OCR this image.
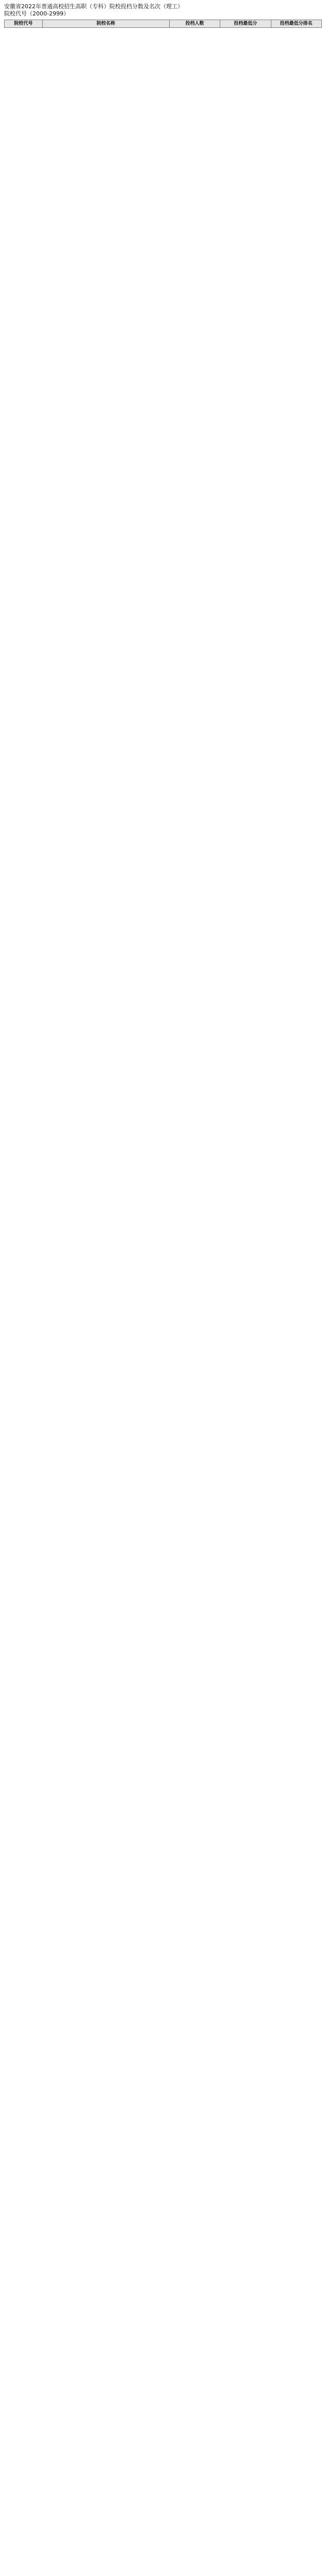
安徽省2022年普通高校招生高职（专科）院校投档分数及名次（理工）
院校代号（2000-2999）
院校代号	院校名称	投档人数	投档最低分	投档最低分排名
